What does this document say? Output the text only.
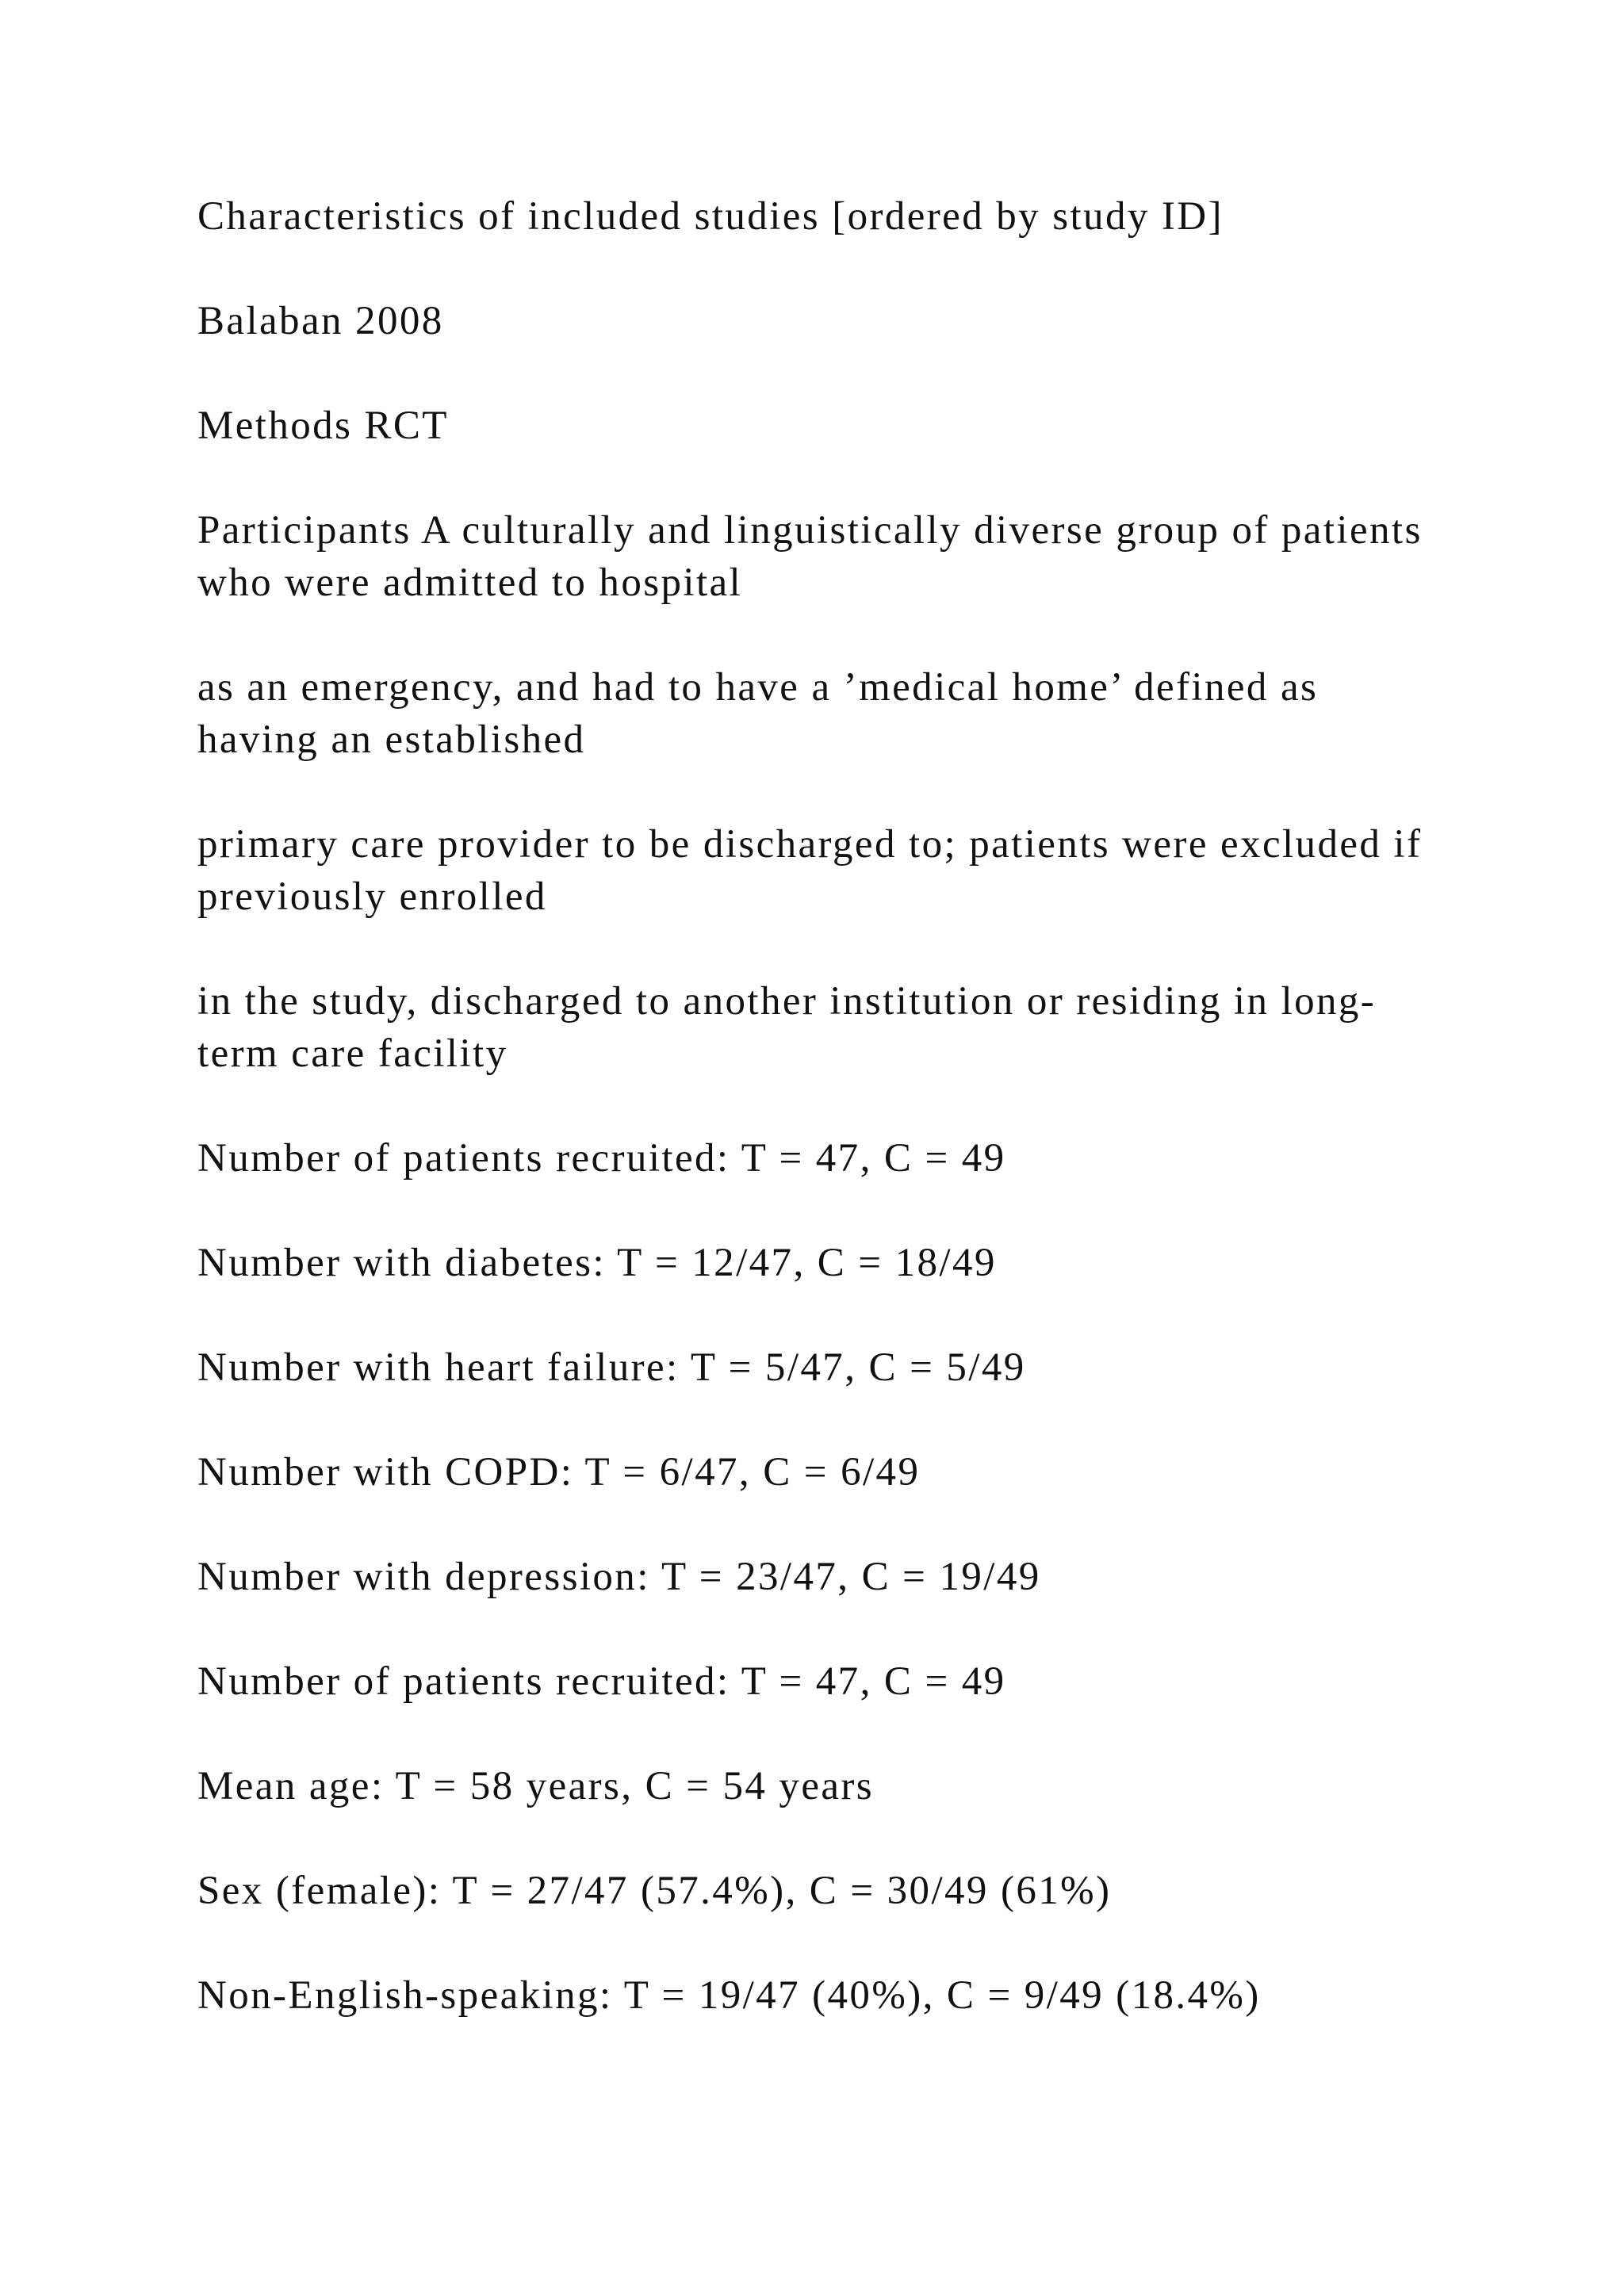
Characteristics of included studies [ordered by study ID]

Balaban 2008

Methods RCT

Participants A culturally and linguistically diverse group of patients who were admitted to hospital

as an emergency, and had to have a ’medical home’ defined as having an established

primary care provider to be discharged to; patients were excluded if previously enrolled

in the study, discharged to another institution or residing in long-term care facility

Number of patients recruited: T = 47, C = 49

Number with diabetes: T = 12/47, C = 18/49

Number with heart failure: T = 5/47, C = 5/49

Number with COPD: T = 6/47, C = 6/49

Number with depression: T = 23/47, C = 19/49

Number of patients recruited: T = 47, C = 49

Mean age: T = 58 years, C = 54 years

Sex (female): T = 27/47 (57.4%), C = 30/49 (61%)

Non-English-speaking: T = 19/47 (40%), C = 9/49 (18.4%)
